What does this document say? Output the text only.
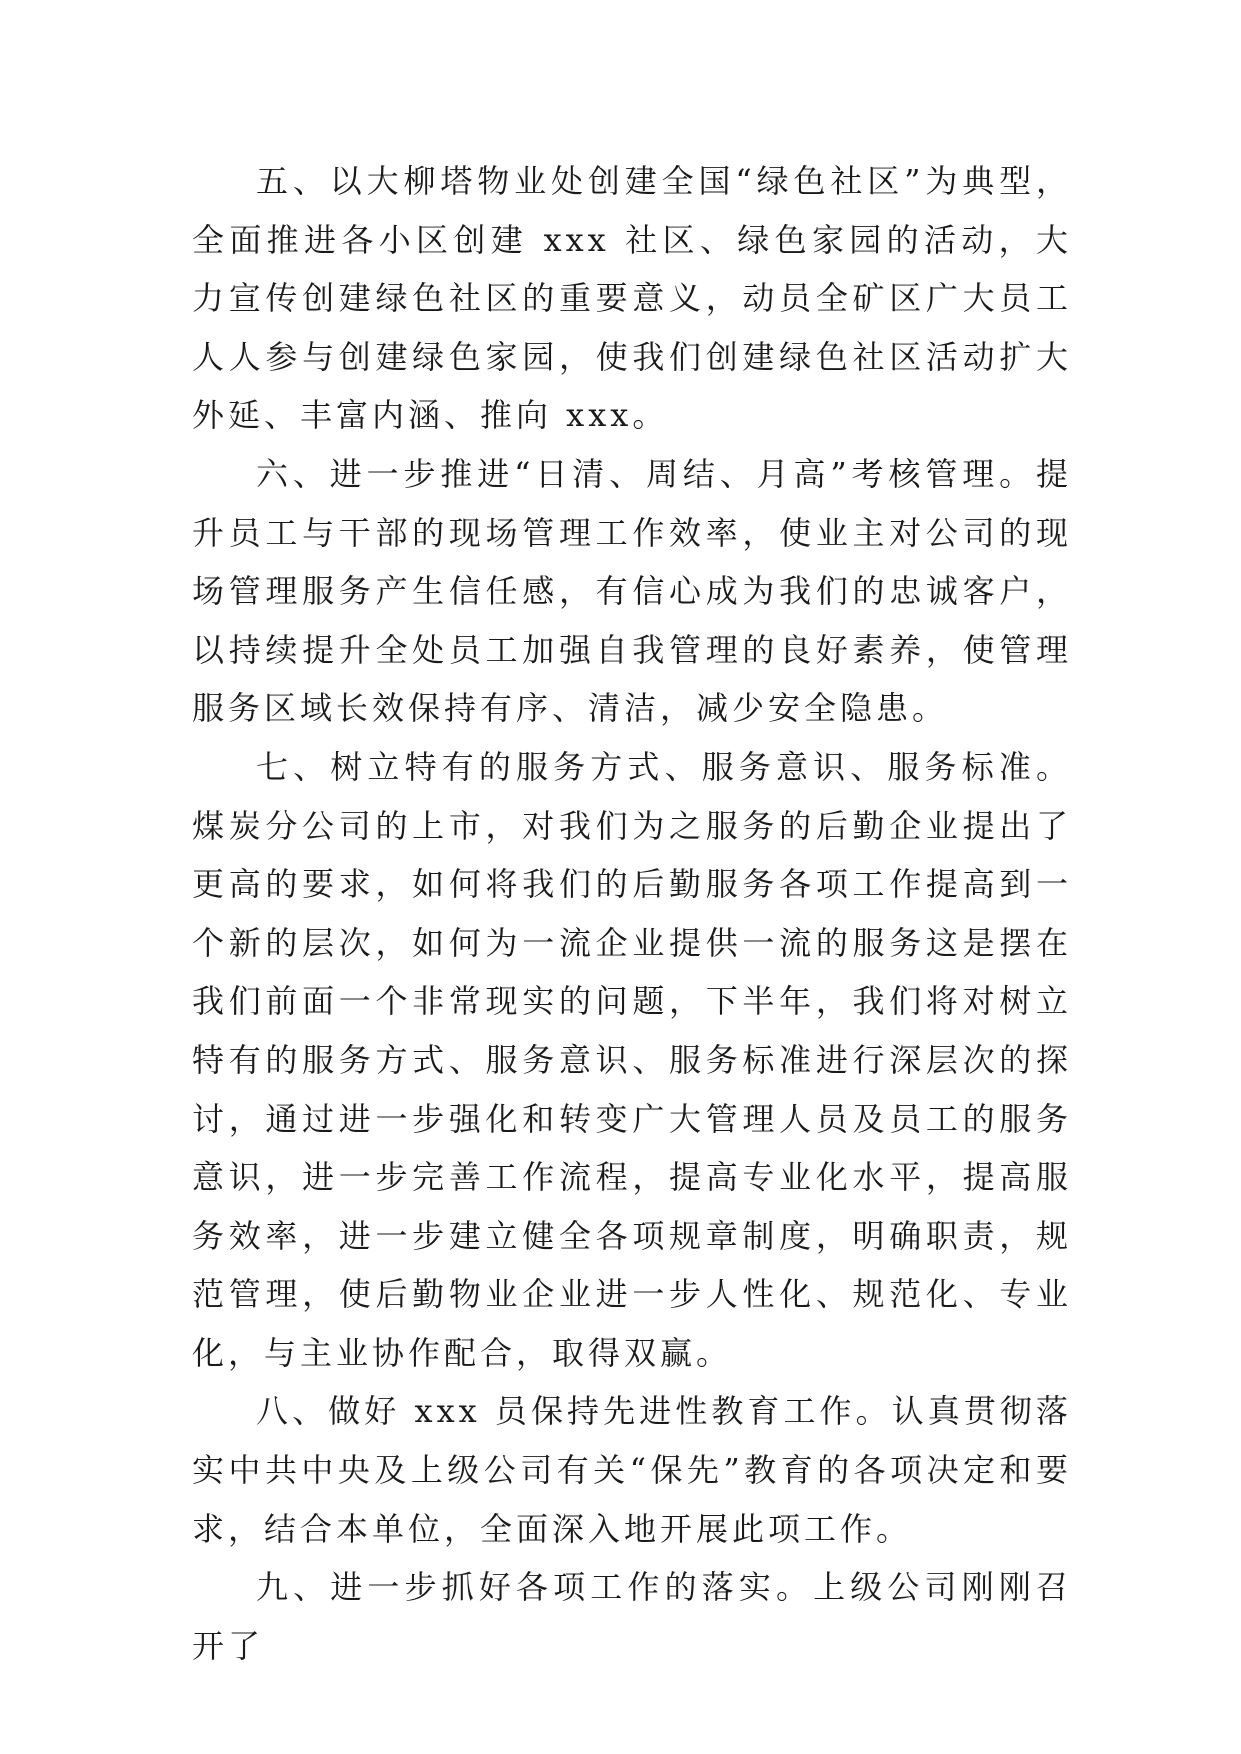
五、以大柳塔物业处创建全国“绿色社区”为典型，全面推进各小区创建 xxx 社区、绿色家园的活动，大力宣传创建绿色社区的重要意义，动员全矿区广大员工人人参与创建绿色家园，使我们创建绿色社区活动扩大外延、丰富内涵、推向 xxx。

六、进一步推进“日清、周结、月高”考核管理。提升员工与干部的现场管理工作效率，使业主对公司的现场管理服务产生信任感，有信心成为我们的忠诚客户，以持续提升全处员工加强自我管理的良好素养，使管理服务区域长效保持有序、清洁，减少安全隐患。

七、树立特有的服务方式、服务意识、服务标准。煤炭分公司的上市，对我们为之服务的后勤企业提出了更高的要求，如何将我们的后勤服务各项工作提高到一个新的层次，如何为一流企业提供一流的服务这是摆在我们前面一个非常现实的问题，下半年，我们将对树立特有的服务方式、服务意识、服务标准进行深层次的探讨，通过进一步强化和转变广大管理人员及员工的服务意识，进一步完善工作流程，提高专业化水平，提高服务效率，进一步建立健全各项规章制度，明确职责，规范管理，使后勤物业企业进一步人性化、规范化、专业化，与主业协作配合，取得双赢。

八、做好 xxx 员保持先进性教育工作。认真贯彻落实中共中央及上级公司有关“保先”教育的各项决定和要求，结合本单位，全面深入地开展此项工作。

九、进一步抓好各项工作的落实。上级公司刚刚召开了
